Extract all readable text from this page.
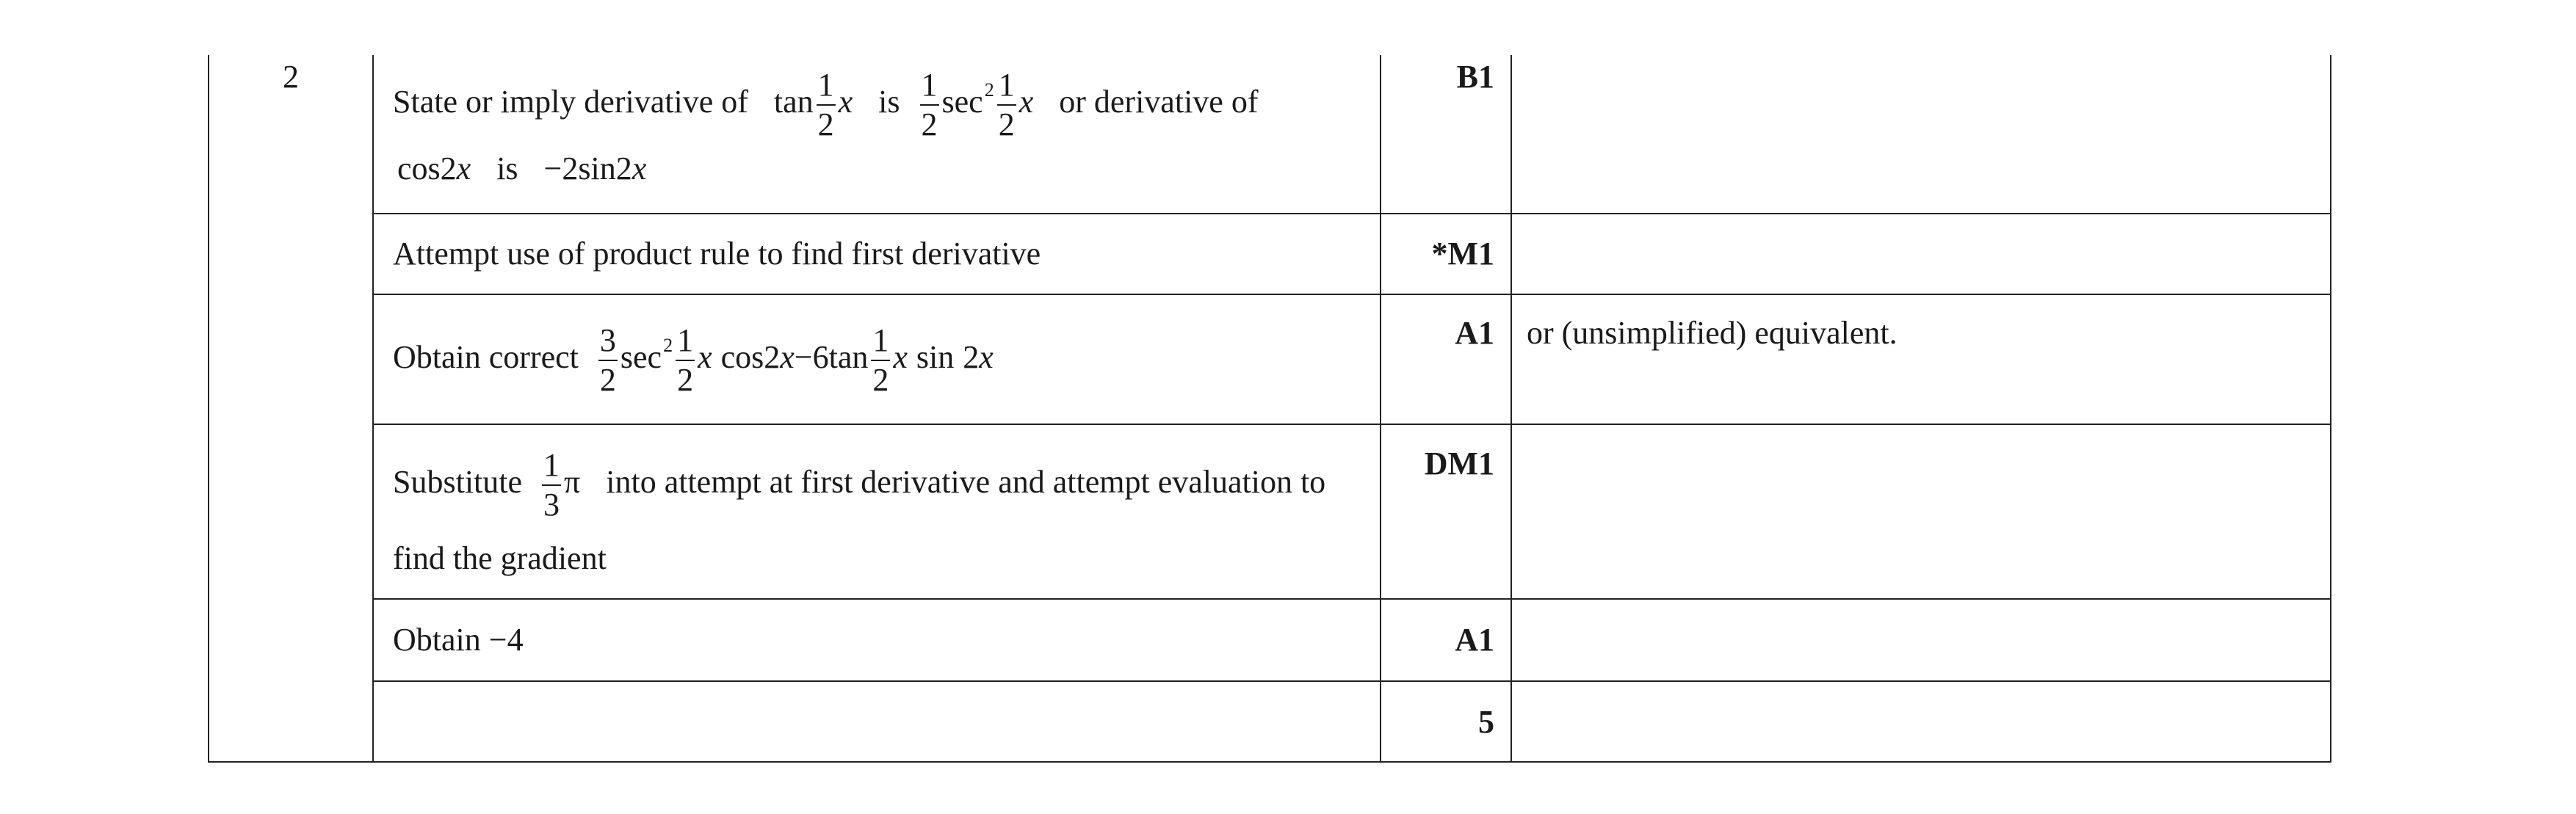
2
State or imply derivative of $\tan \frac{1}{2}$ x is $\frac{1}{2} \sec^2 \frac{1}{2}$ x or derivative of
cos2x is −2sin2x
B1
Attempt use of product rule to find first derivative	*M1
Obtain correct $\frac{3}{2} \sec^2 \frac{1}{2}$ x $\cos 2x-6\tan \frac{1}{2}$ x sin 2x
A1 or (unsimplified) equivalent.
Substitute $\frac{1}{3}$ π into attempt at first derivative and attempt evaluation to
find the gradient
DM1
Obtain −4	A1
5
